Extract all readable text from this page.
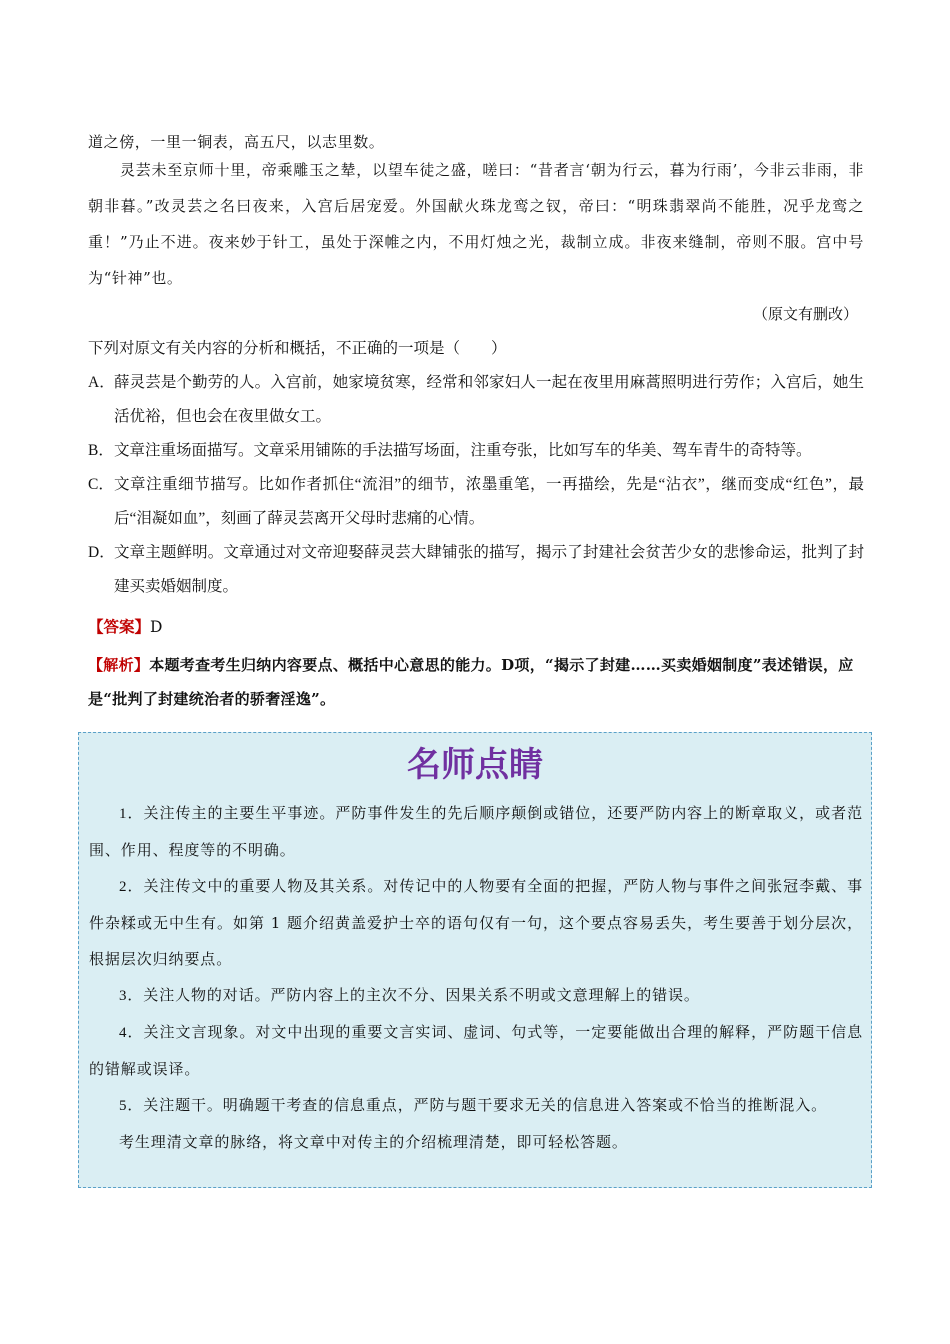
道之傍，一里一铜表，高五尺，以志里数。

灵芸未至京师十里，帝乘雕玉之辇，以望车徒之盛，嗟曰：“昔者言‘朝为行云，暮为行雨’，今非云非雨，非朝非暮。”改灵芸之名曰夜来，入宫后居宠爱。外国献火珠龙鸾之钗，帝曰：“明珠翡翠尚不能胜，况乎龙鸾之重！”乃止不进。夜来妙于针工，虽处于深帷之内，不用灯烛之光，裁制立成。非夜来缝制，帝则不服。宫中号为“针神”也。

（原文有删改）

下列对原文有关内容的分析和概括，不正确的一项是（　　）

A． 薛灵芸是个勤劳的人。入宫前，她家境贫寒，经常和邻家妇人一起在夜里用麻蒿照明进行劳作；入宫后，她生活优裕，但也会在夜里做女工。

B． 文章注重场面描写。文章采用铺陈的手法描写场面，注重夸张，比如写车的华美、驾车青牛的奇特等。

C． 文章注重细节描写。比如作者抓住“流泪”的细节，浓墨重笔，一再描绘，先是“沾衣”，继而变成“红色”，最后“泪凝如血”，刻画了薛灵芸离开父母时悲痛的心情。

D． 文章主题鲜明。文章通过对文帝迎娶薛灵芸大肆铺张的描写，揭示了封建社会贫苦少女的悲惨命运，批判了封建买卖婚姻制度。

【答案】D

【解析】本题考查考生归纳内容要点、概括中心意思的能力。D项，“揭示了封建……买卖婚姻制度”表述错误，应是“批判了封建统治者的骄奢淫逸”。

名师点睛

1．关注传主的主要生平事迹。严防事件发生的先后顺序颠倒或错位，还要严防内容上的断章取义，或者范围、作用、程度等的不明确。

2．关注传文中的重要人物及其关系。对传记中的人物要有全面的把握，严防人物与事件之间张冠李戴、事件杂糅或无中生有。如第 1 题介绍黄盖爱护士卒的语句仅有一句，这个要点容易丢失，考生要善于划分层次，根据层次归纳要点。

3．关注人物的对话。严防内容上的主次不分、因果关系不明或文意理解上的错误。

4．关注文言现象。对文中出现的重要文言实词、虚词、句式等，一定要能做出合理的解释，严防题干信息的错解或误译。

5．关注题干。明确题干考查的信息重点，严防与题干要求无关的信息进入答案或不恰当的推断混入。

考生理清文章的脉络，将文章中对传主的介绍梳理清楚，即可轻松答题。
